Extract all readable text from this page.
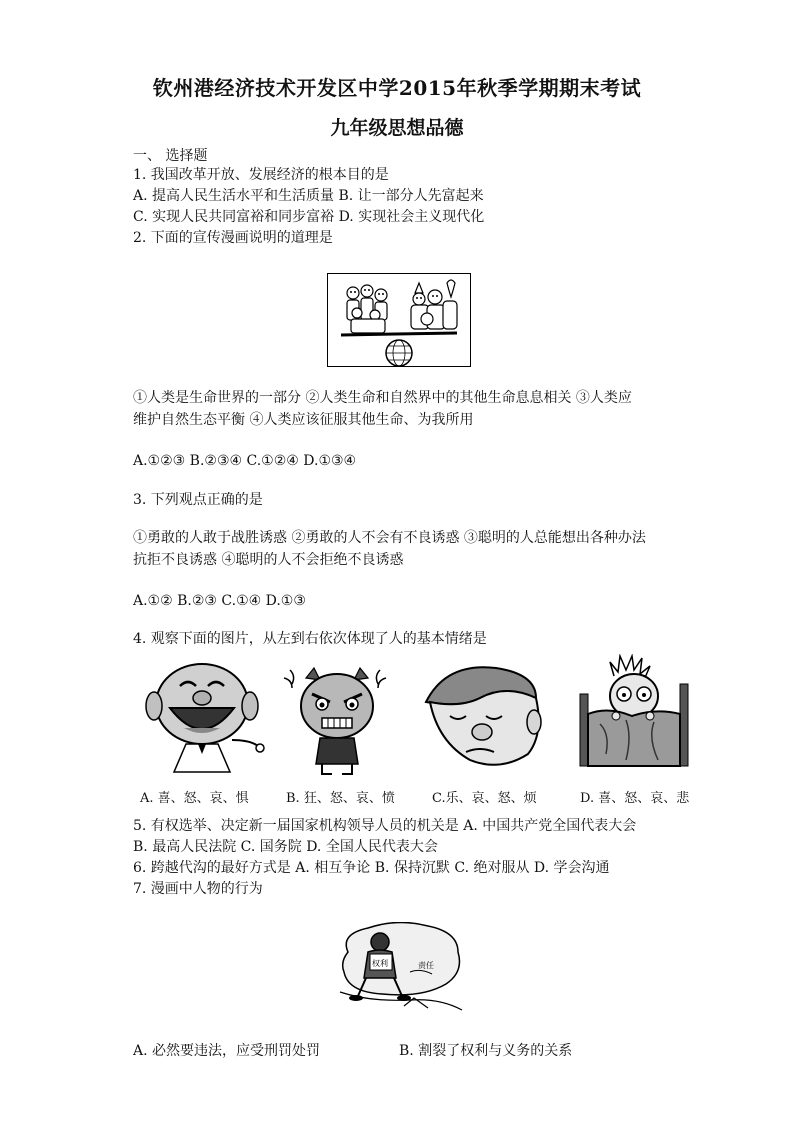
钦州港经济技术开发区中学2015年秋季学期期末考试
九年级思想品德
一、 选择题
1. 我国改革开放、发展经济的根本目的是
A. 提高人民生活水平和生活质量 B. 让一部分人先富起来
C. 实现人民共同富裕和同步富裕 D. 实现社会主义现代化
2. 下面的宣传漫画说明的道理是
①人类是生命世界的一部分 ②人类生命和自然界中的其他生命息息相关 ③人类应
维护自然生态平衡 ④人类应该征服其他生命、为我所用
A.①②③ B.②③④ C.①②④ D.①③④
3. 下列观点正确的是
①勇敢的人敢于战胜诱惑 ②勇敢的人不会有不良诱惑 ③聪明的人总能想出各种办法
抗拒不良诱惑 ④聪明的人不会拒绝不良诱惑
A.①② B.②③ C.①④ D.①③
4. 观察下面的图片，从左到右依次体现了人的基本情绪是
A. 喜、怒、哀、惧	B. 狂、怒、哀、愤	C.乐、哀、怒、烦	D. 喜、怒、哀、悲
5. 有权选举、决定新一届国家机构领导人员的机关是 A. 中国共产党全国代表大会
B. 最高人民法院 C. 国务院 D. 全国人民代表大会
6. 跨越代沟的最好方式是 A. 相互争论 B. 保持沉默 C. 绝对服从 D. 学会沟通
7. 漫画中人物的行为
权利	责任
A. 必然要违法，应受刑罚处罚	B. 割裂了权利与义务的关系
